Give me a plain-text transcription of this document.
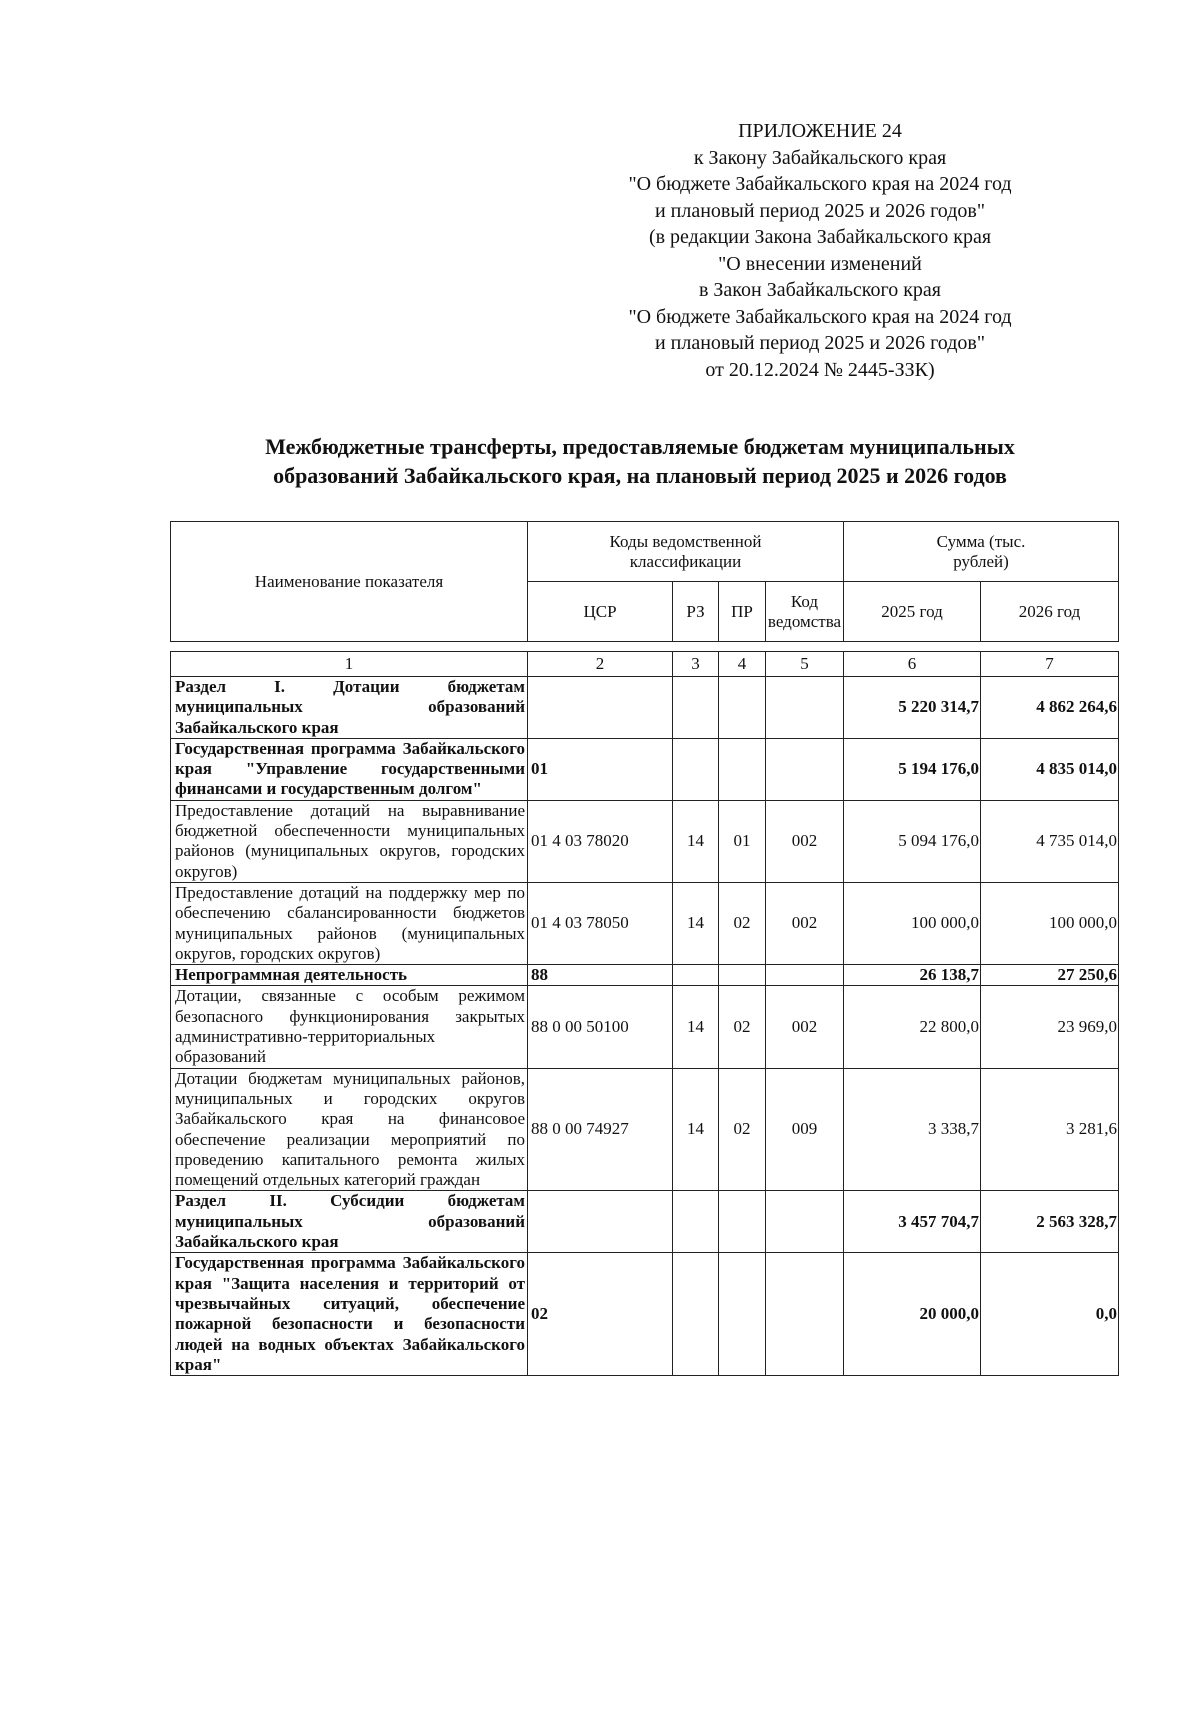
ПРИЛОЖЕНИЕ 24
к Закону Забайкальского края
"О бюджете Забайкальского края на 2024 год
и плановый период 2025 и 2026 годов"
(в редакции Закона Забайкальского края
"О внесении изменений
в Закон Забайкальского края
"О бюджете Забайкальского края на 2024 год
и плановый период 2025 и 2026 годов"
от 20.12.2024 № 2445-ЗЗК)
Межбюджетные трансферты, предоставляемые бюджетам муниципальных
образований Забайкальского края, на плановый период 2025 и 2026 годов
Наименование показателя	Коды ведомственной классификации				Сумма (тыс. рублей)	
	ЦСР	РЗ	ПР	Код ведомства	2025 год	2026 год
1	2	3	4	5	6	7
Раздел I. Дотации бюджетам муниципальных образований Забайкальского края					5 220 314,7	4 862 264,6
Государственная программа Забайкальского края "Управление государственными финансами и государственным долгом"	01				5 194 176,0	4 835 014,0
Предоставление дотаций на выравнивание бюджетной обеспеченности муниципальных районов (муниципальных округов, городских округов)	01 4 03 78020	14	01	002	5 094 176,0	4 735 014,0
Предоставление дотаций на поддержку мер по обеспечению сбалансированности бюджетов муниципальных районов (муниципальных округов, городских округов)	01 4 03 78050	14	02	002	100 000,0	100 000,0
Непрограммная деятельность	88				26 138,7	27 250,6
Дотации, связанные с особым режимом безопасного функционирования закрытых административно-территориальных образований	88 0 00 50100	14	02	002	22 800,0	23 969,0
Дотации бюджетам муниципальных районов, муниципальных и городских округов Забайкальского края на финансовое обеспечение реализации мероприятий по проведению капитального ремонта жилых помещений отдельных категорий граждан	88 0 00 74927	14	02	009	3 338,7	3 281,6
Раздел II. Субсидии бюджетам муниципальных образований Забайкальского края					3 457 704,7	2 563 328,7
Государственная программа Забайкальского края "Защита населения и территорий от чрезвычайных ситуаций, обеспечение пожарной безопасности и безопасности людей на водных объектах Забайкальского края"	02				20 000,0	0,0
